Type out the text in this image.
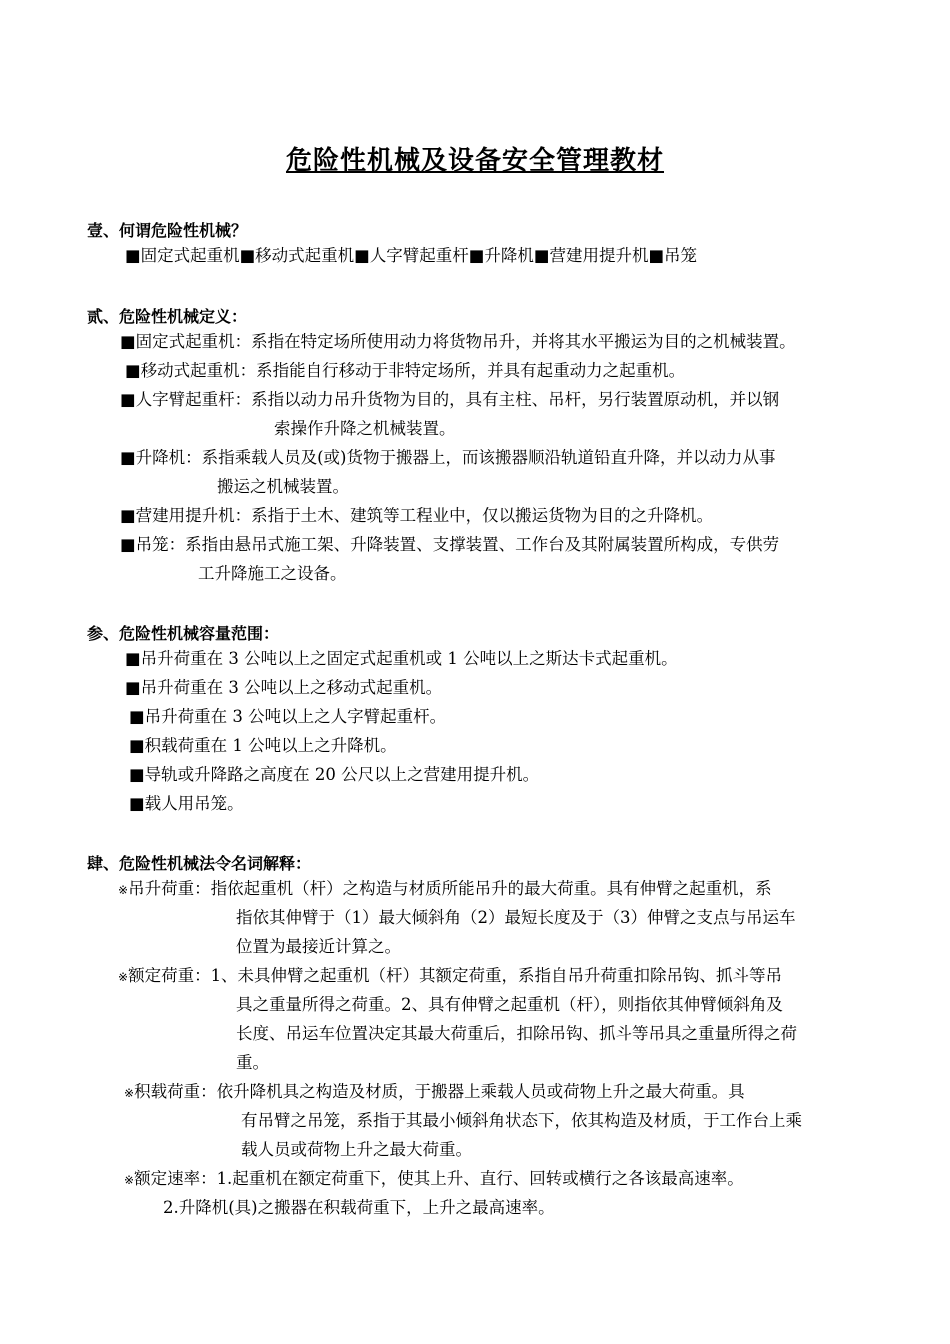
危险性机械及设备安全管理教材
壹、何谓危险性机械？
■固定式起重机■移动式起重机■人字臂起重杆■升降机■营建用提升机■吊笼
贰、危险性机械定义：
■固定式起重机：系指在特定场所使用动力将货物吊升，并将其水平搬运为目的之机械装置。
■移动式起重机：系指能自行移动于非特定场所，并具有起重动力之起重机。
■人字臂起重杆：系指以动力吊升货物为目的，具有主柱、吊杆，另行装置原动机，并以钢
索操作升降之机械装置。
■升降机：系指乘载人员及(或)货物于搬器上，而该搬器顺沿轨道铅直升降，并以动力从事
搬运之机械装置。
■营建用提升机：系指于土木、建筑等工程业中，仅以搬运货物为目的之升降机。
■吊笼：系指由悬吊式施工架、升降装置、支撑装置、工作台及其附属装置所构成，专供劳
工升降施工之设备。
参、危险性机械容量范围：
■吊升荷重在 3 公吨以上之固定式起重机或 1 公吨以上之斯达卡式起重机。
■吊升荷重在 3 公吨以上之移动式起重机。
■吊升荷重在 3 公吨以上之人字臂起重杆。
■积载荷重在 1 公吨以上之升降机。
■导轨或升降路之高度在 20 公尺以上之营建用提升机。
■载人用吊笼。
肆、危险性机械法令名词解释：
※吊升荷重：指依起重机（杆）之构造与材质所能吊升的最大荷重。具有伸臂之起重机，系
指依其伸臂于（1）最大倾斜角（2）最短长度及于（3）伸臂之支点与吊运车
位置为最接近计算之。
※额定荷重：1、未具伸臂之起重机（杆）其额定荷重，系指自吊升荷重扣除吊钩、抓斗等吊
具之重量所得之荷重。2、具有伸臂之起重机（杆），则指依其伸臂倾斜角及
长度、吊运车位置决定其最大荷重后，扣除吊钩、抓斗等吊具之重量所得之荷
重。
※积载荷重：依升降机具之构造及材质，于搬器上乘载人员或荷物上升之最大荷重。具
有吊臂之吊笼，系指于其最小倾斜角状态下，依其构造及材质，于工作台上乘
载人员或荷物上升之最大荷重。
※额定速率：1.起重机在额定荷重下，使其上升、直行、回转或横行之各该最高速率。
2.升降机(具)之搬器在积载荷重下，上升之最高速率。
